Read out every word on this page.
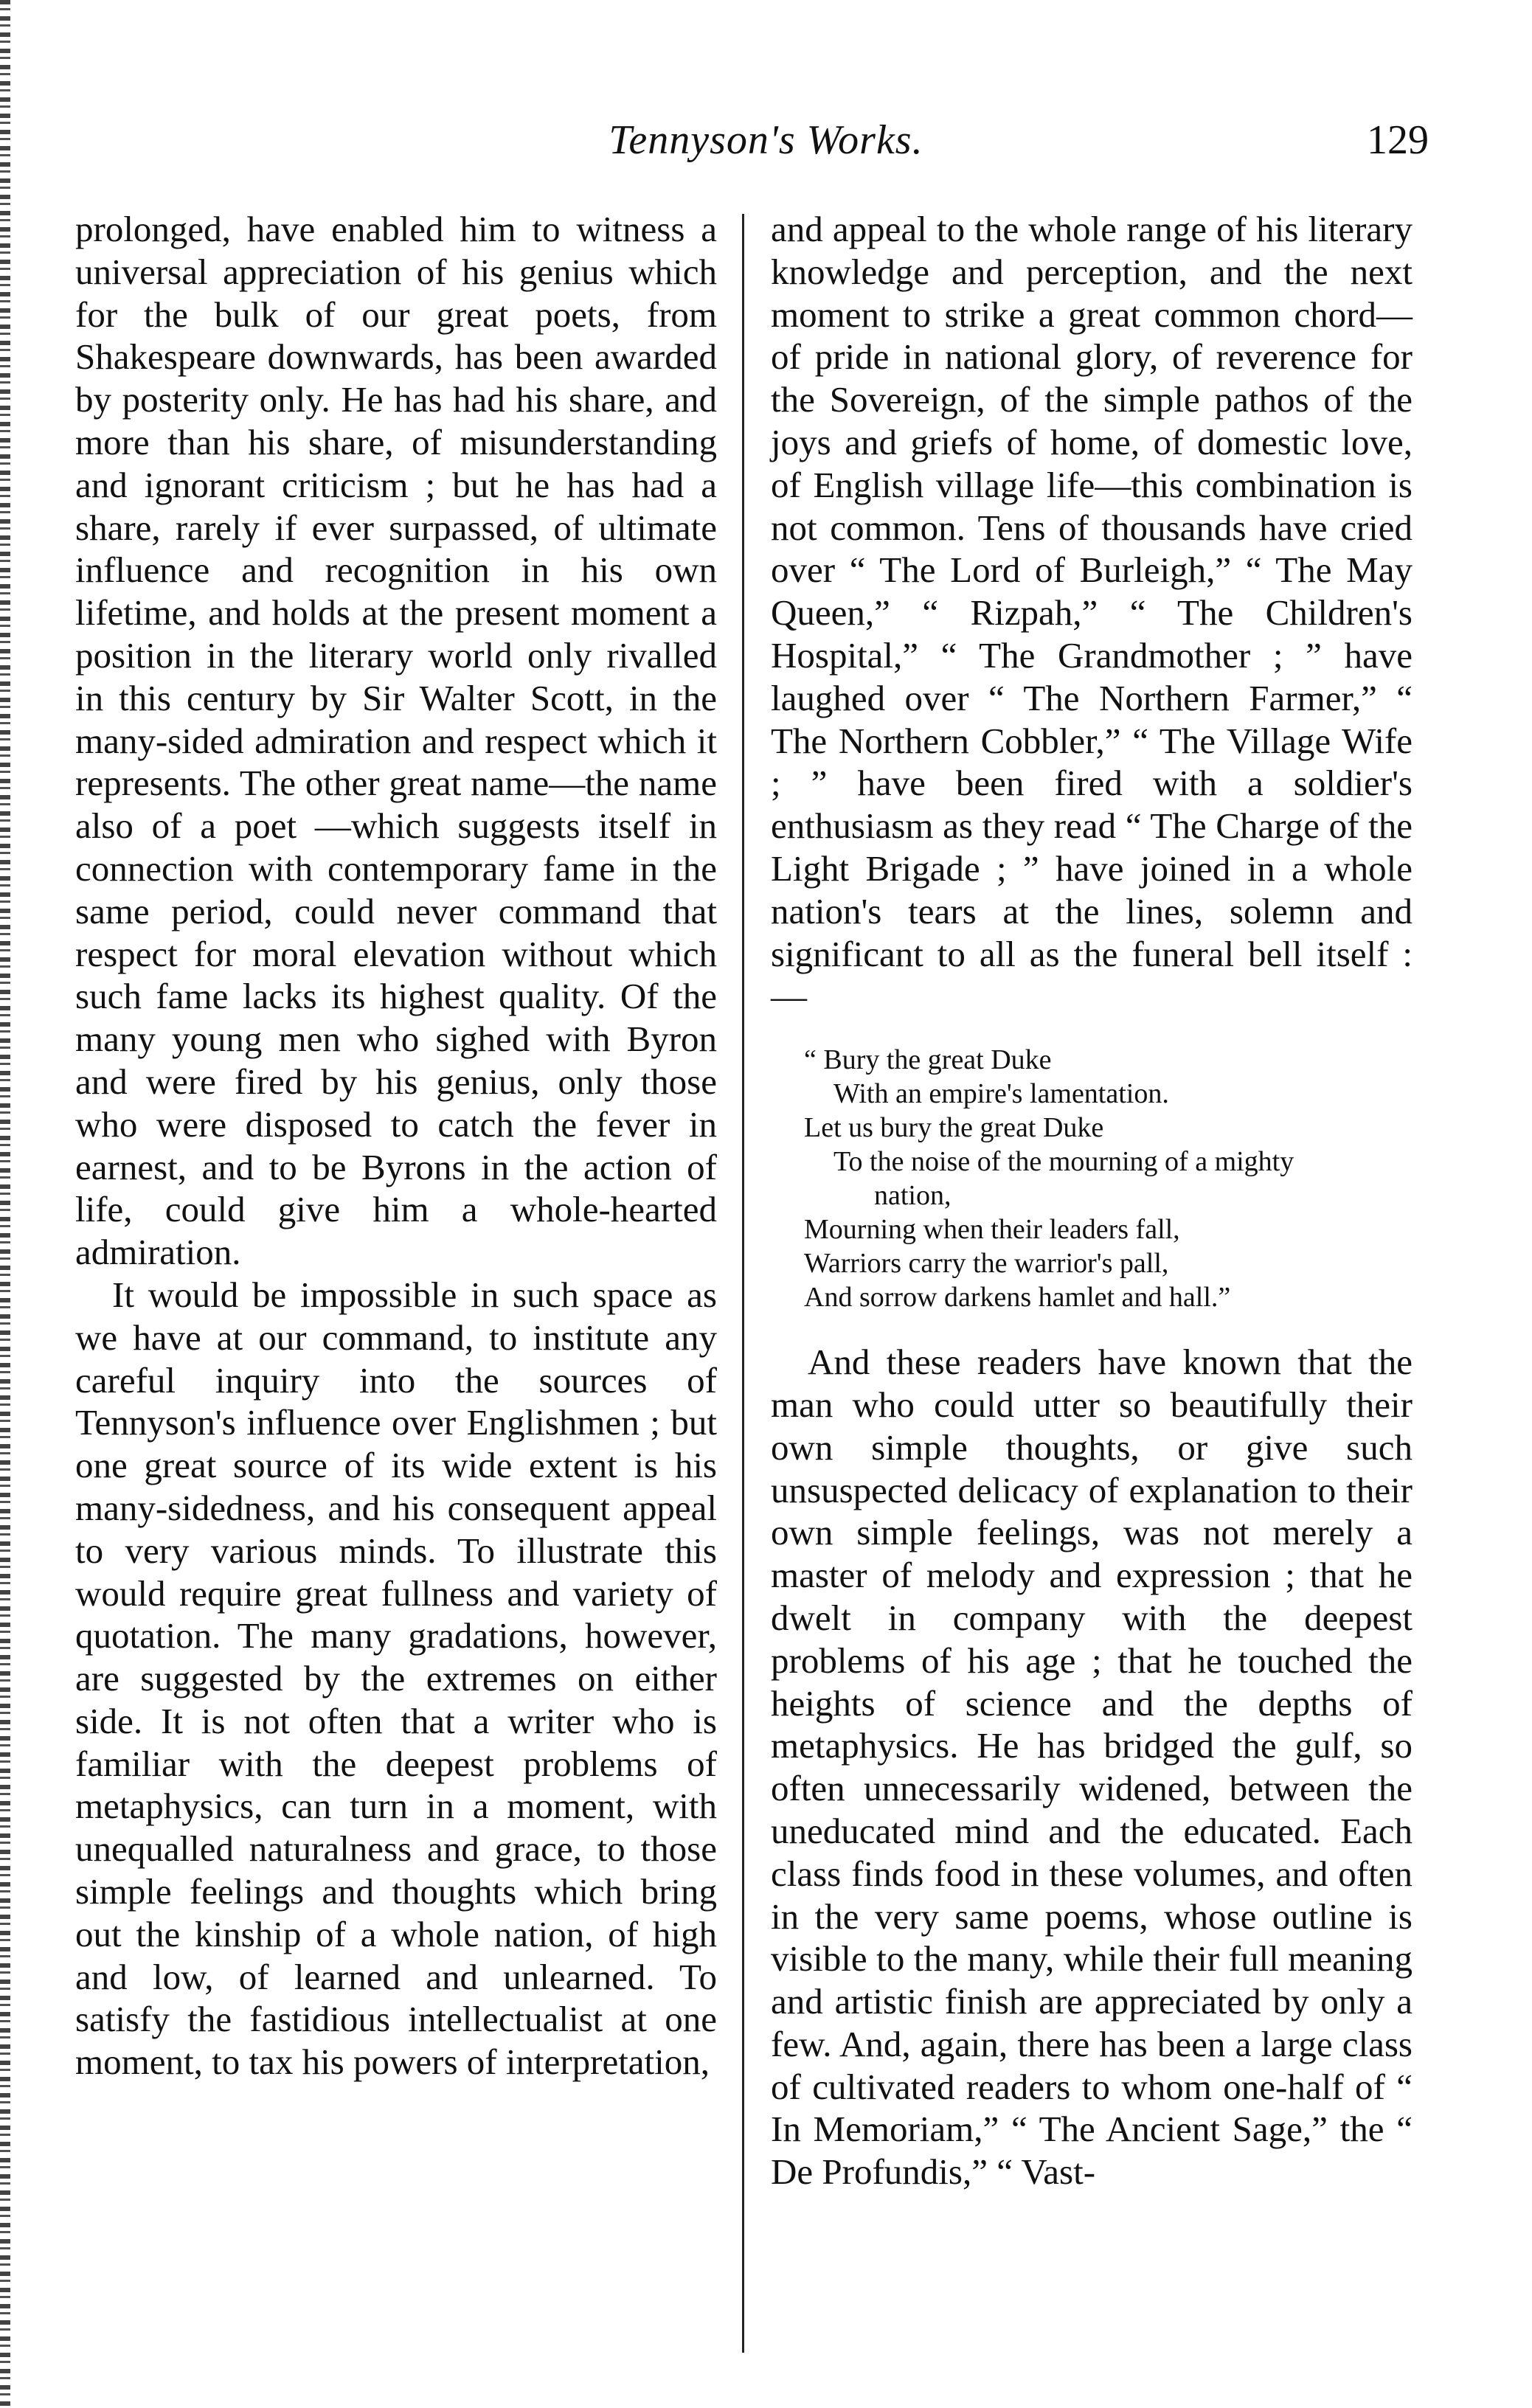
Tennyson's Works.	129

prolonged, have enabled him to witness a universal appreciation of his genius which for the bulk of our great poets, from Shakespeare downwards, has been awarded by posterity only. He has had his share, and more than his share, of misunderstanding and ignorant criticism ; but he has had a share, rarely if ever surpassed, of ultimate influence and recognition in his own lifetime, and holds at the present moment a position in the literary world only rivalled in this century by Sir Walter Scott, in the many-sided admiration and respect which it represents. The other great name—the name also of a poet —which suggests itself in connection with contemporary fame in the same period, could never command that respect for moral elevation without which such fame lacks its highest quality. Of the many young men who sighed with Byron and were fired by his genius, only those who were disposed to catch the fever in earnest, and to be Byrons in the action of life, could give him a whole-hearted admiration.

It would be impossible in such space as we have at our command, to institute any careful inquiry into the sources of Tennyson's influence over Englishmen ; but one great source of its wide extent is his many-sidedness, and his consequent appeal to very various minds. To illustrate this would require great fullness and variety of quotation. The many gradations, however, are suggested by the extremes on either side. It is not often that a writer who is familiar with the deepest problems of metaphysics, can turn in a moment, with unequalled naturalness and grace, to those simple feelings and thoughts which bring out the kinship of a whole nation, of high and low, of learned and unlearned. To satisfy the fastidious intellectualist at one moment, to tax his powers of interpretation,

and appeal to the whole range of his literary knowledge and perception, and the next moment to strike a great common chord—of pride in national glory, of reverence for the Sovereign, of the simple pathos of the joys and griefs of home, of domestic love, of English village life—this combination is not common. Tens of thousands have cried over “ The Lord of Burleigh,” “ The May Queen,” “ Rizpah,” “ The Children's Hospital,” “ The Grandmother ; ” have laughed over “ The Northern Farmer,” “ The Northern Cobbler,” “ The Village Wife ; ” have been fired with a soldier's enthusiasm as they read “ The Charge of the Light Brigade ; ” have joined in a whole nation's tears at the lines, solemn and significant to all as the funeral bell itself : —

“ Bury the great Duke
With an empire's lamentation.
Let us bury the great Duke
To the noise of the mourning of a mighty
nation,
Mourning when their leaders fall,
Warriors carry the warrior's pall,
And sorrow darkens hamlet and hall.”

And these readers have known that the man who could utter so beautifully their own simple thoughts, or give such unsuspected delicacy of explanation to their own simple feelings, was not merely a master of melody and expression ; that he dwelt in company with the deepest problems of his age ; that he touched the heights of science and the depths of metaphysics. He has bridged the gulf, so often unnecessarily widened, between the uneducated mind and the educated. Each class finds food in these volumes, and often in the very same poems, whose outline is visible to the many, while their full meaning and artistic finish are appreciated by only a few. And, again, there has been a large class of cultivated readers to whom one-half of “ In Memoriam,” “ The Ancient Sage,” the “ De Profundis,” “ Vast-
